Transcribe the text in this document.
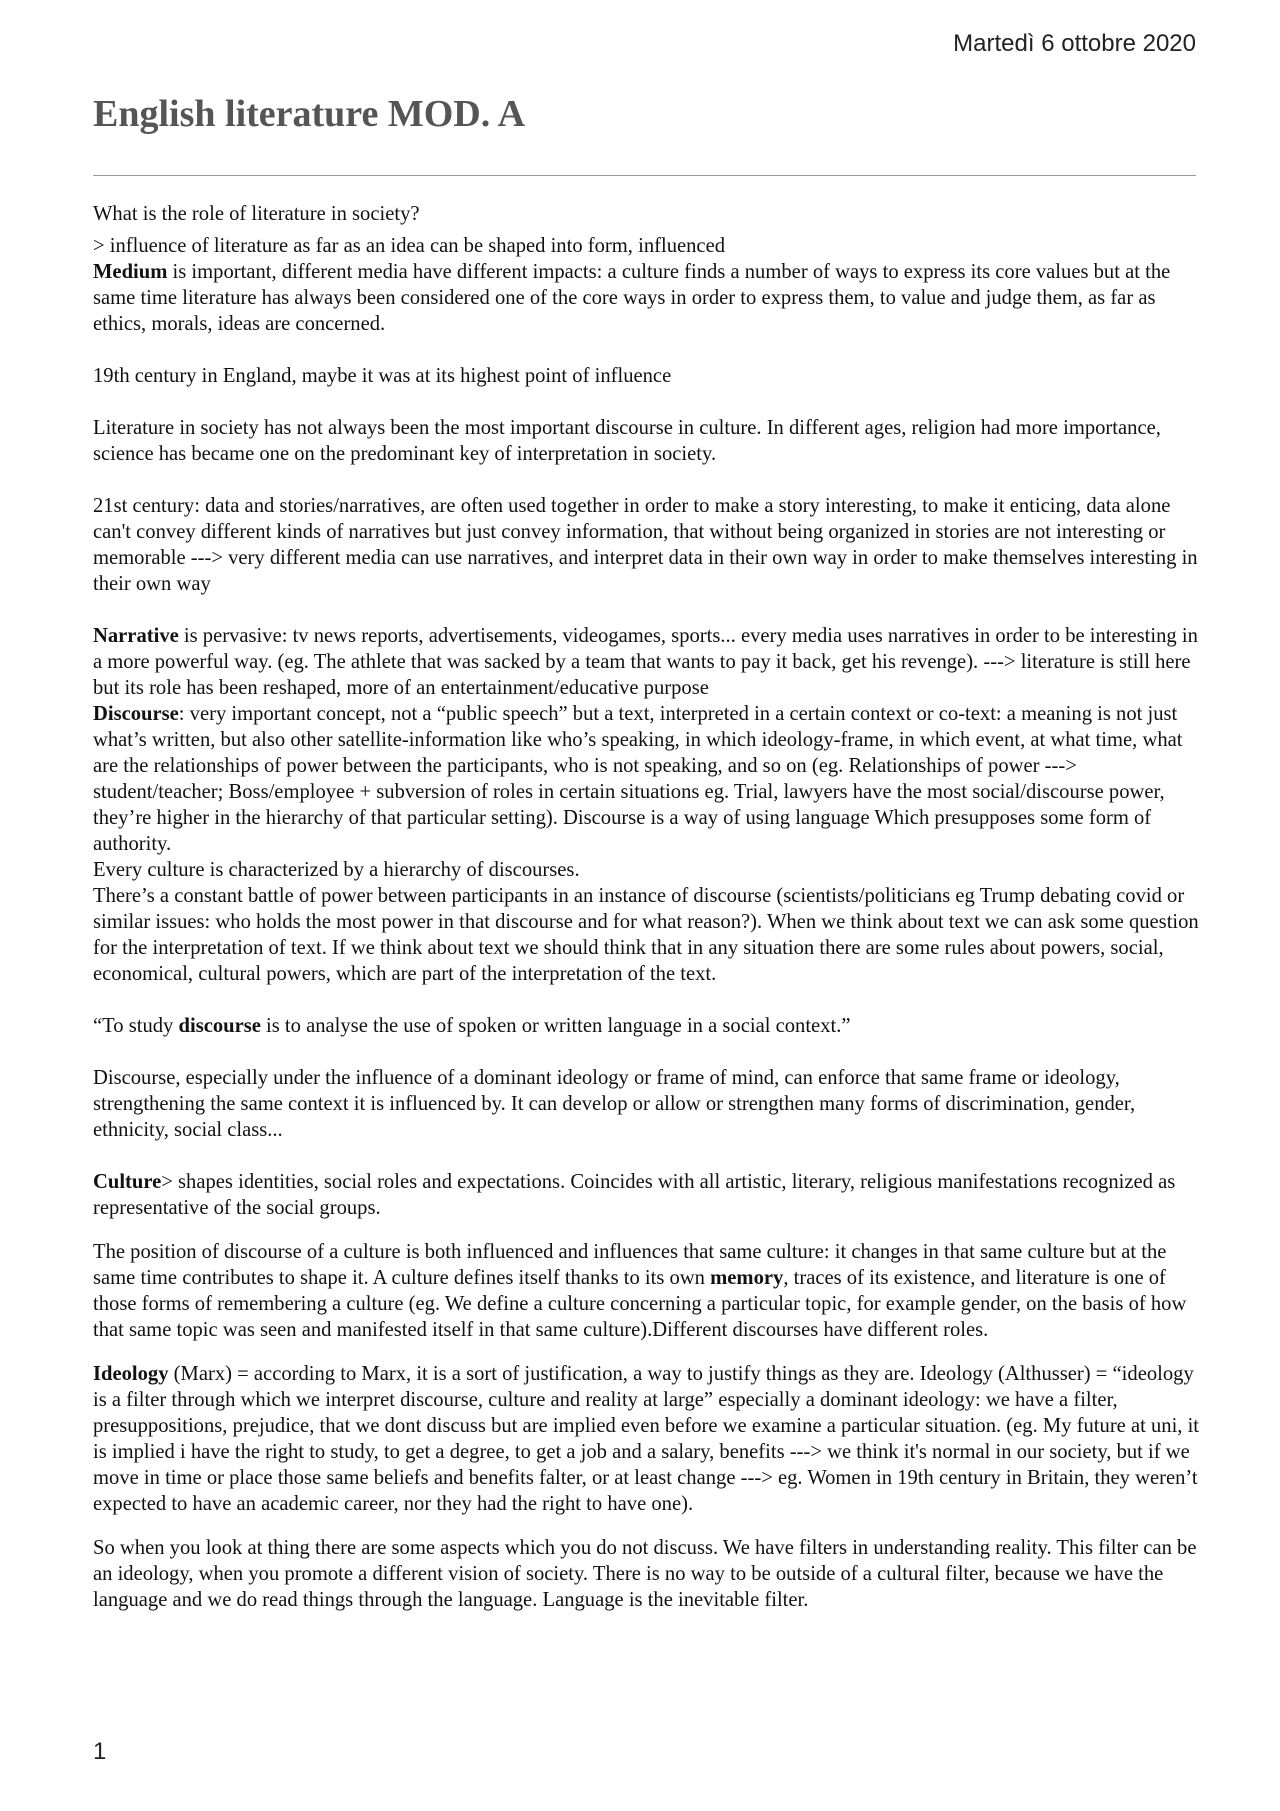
Martedì 6 ottobre 2020
English literature MOD. A

What is the role of literature in society?

> influence of literature as far as an idea can be shaped into form, influenced

Medium is important, different media have different impacts: a culture finds a number of ways to express its core values but at the same time literature has always been considered one of the core ways in order to express them, to value and judge them, as far as ethics, morals, ideas are concerned.

19th century in England, maybe it was at its highest point of influence

Literature in society has not always been the most important discourse in culture. In different ages, religion had more importance, science has became one on the predominant key of interpretation in society.

21st century: data and stories/narratives, are often used together in order to make a story interesting, to make it enticing, data alone can't convey different kinds of narratives but just convey information, that without being organized in stories are not interesting or memorable ---> very different media can use narratives, and interpret data in their own way in order to make themselves interesting in their own way

Narrative is pervasive: tv news reports, advertisements, videogames, sports... every media uses narratives in order to be interesting in a more powerful way. (eg. The athlete that was sacked by a team that wants to pay it back, get his revenge). ---> literature is still here but its role has been reshaped, more of an entertainment/educative purpose

Discourse: very important concept, not a “public speech” but a text, interpreted in a certain context or co-text: a meaning is not just what’s written, but also other satellite-information like who’s speaking, in which ideology-frame, in which event, at what time, what are the relationships of power between the participants, who is not speaking, and so on (eg. Relationships of power ---> student/teacher; Boss/employee + subversion of roles in certain situations eg. Trial, lawyers have the most social/discourse power, they’re higher in the hierarchy of that particular setting). Discourse is a way of using language Which presupposes some form of authority.

Every culture is characterized by a hierarchy of discourses.

There’s a constant battle of power between participants in an instance of discourse (scientists/politicians eg Trump debating covid or similar issues: who holds the most power in that discourse and for what reason?). When we think about text we can ask some question for the interpretation of text. If we think about text we should think that in any situation there are some rules about powers, social, economical, cultural powers, which are part of the interpretation of the text.

“To study discourse is to analyse the use of spoken or written language in a social context.”

Discourse, especially under the influence of a dominant ideology or frame of mind, can enforce that same frame or ideology, strengthening the same context it is influenced by. It can develop or allow or strengthen many forms of discrimination, gender, ethnicity, social class...

Culture> shapes identities, social roles and expectations. Coincides with all artistic, literary, religious manifestations recognized as representative of the social groups.

The position of discourse of a culture is both influenced and influences that same culture: it changes in that same culture but at the same time contributes to shape it. A culture defines itself thanks to its own memory, traces of its existence, and literature is one of those forms of remembering a culture (eg. We define a culture concerning a particular topic, for example gender, on the basis of how that same topic was seen and manifested itself in that same culture).Different discourses have different roles.

Ideology (Marx) = according to Marx, it is a sort of justification, a way to justify things as they are. Ideology (Althusser) = “ideology is a filter through which we interpret discourse, culture and reality at large” especially a dominant ideology: we have a filter, presuppositions, prejudice, that we dont discuss but are implied even before we examine a particular situation. (eg. My future at uni, it is implied i have the right to study, to get a degree, to get a job and a salary, benefits ---> we think it's normal in our society, but if we move in time or place those same beliefs and benefits falter, or at least change ---> eg. Women in 19th century in Britain, they weren’t expected to have an academic career, nor they had the right to have one).

So when you look at thing there are some aspects which you do not discuss. We have filters in understanding reality. This filter can be an ideology, when you promote a different vision of society. There is no way to be outside of a cultural filter, because we have the language and we do read things through the language. Language is the inevitable filter.

1
